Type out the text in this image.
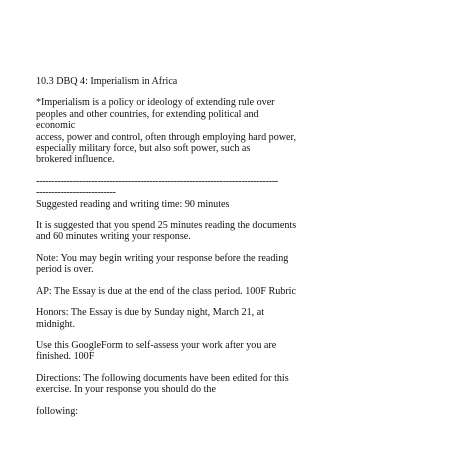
10.3 DBQ 4: Imperialism in Africa
*Imperialism is a policy or ideology of extending rule over
peoples and other countries, for extending political and
economic
access, power and control, often through employing hard power,
especially military force, but also soft power, such as
brokered influence.
-------------------------------------------------------------------------------
--------------------------
Suggested reading and writing time: 90 minutes
It is suggested that you spend 25 minutes reading the documents
and 60 minutes writing your response.
Note: You may begin writing your response before the reading
period is over.
AP: The Essay is due at the end of the class period. 100F Rubric
Honors: The Essay is due by Sunday night, March 21, at
midnight.
Use this GoogleForm to self-assess your work after you are
finished. 100F
Directions: The following documents have been edited for this
exercise. In your response you should do the
following:
